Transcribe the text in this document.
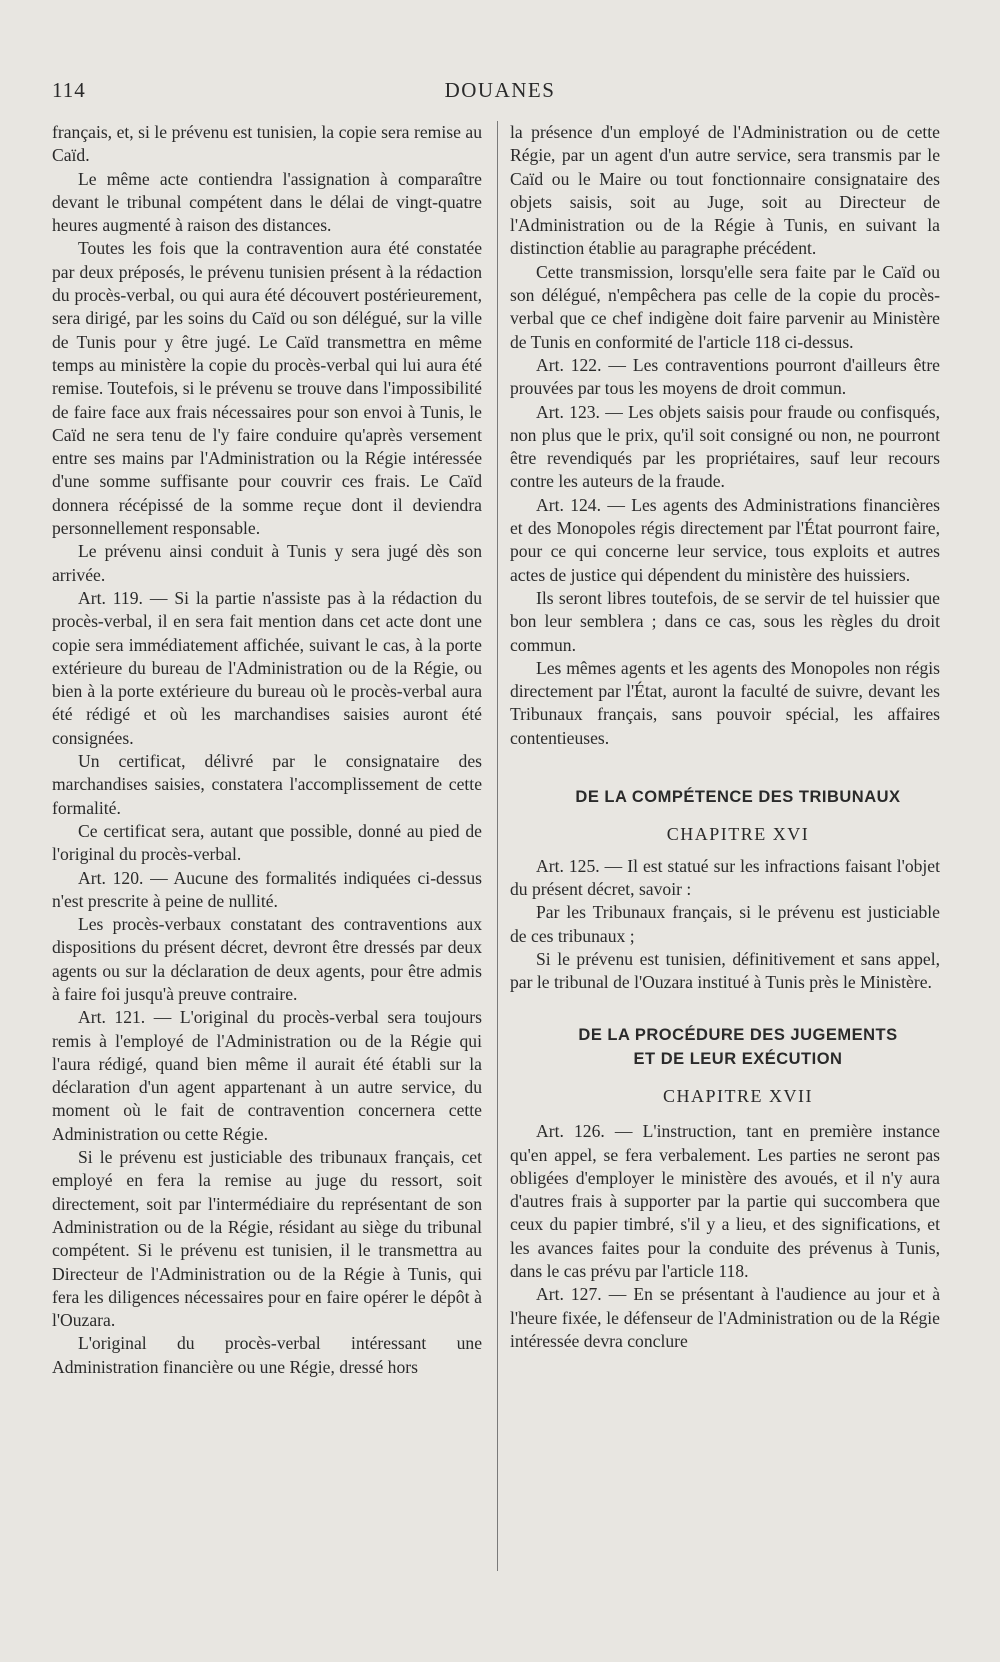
114	DOUANES

français, et, si le prévenu est tunisien, la copie sera remise au Caïd.

Le même acte contiendra l'assignation à comparaître devant le tribunal compétent dans le délai de vingt-quatre heures augmenté à raison des distances.

Toutes les fois que la contravention aura été constatée par deux préposés, le prévenu tunisien présent à la rédaction du procès-verbal, ou qui aura été découvert postérieurement, sera dirigé, par les soins du Caïd ou son délégué, sur la ville de Tunis pour y être jugé. Le Caïd transmettra en même temps au ministère la copie du procès-verbal qui lui aura été remise. Toutefois, si le prévenu se trouve dans l'impossibilité de faire face aux frais nécessaires pour son envoi à Tunis, le Caïd ne sera tenu de l'y faire conduire qu'après versement entre ses mains par l'Administration ou la Régie intéressée d'une somme suffisante pour couvrir ces frais. Le Caïd donnera récépissé de la somme reçue dont il deviendra personnellement responsable.

Le prévenu ainsi conduit à Tunis y sera jugé dès son arrivée.

Art. 119. — Si la partie n'assiste pas à la rédaction du procès-verbal, il en sera fait mention dans cet acte dont une copie sera immédiatement affichée, suivant le cas, à la porte extérieure du bureau de l'Administration ou de la Régie, ou bien à la porte extérieure du bureau où le procès-verbal aura été rédigé et où les marchandises saisies auront été consignées.

Un certificat, délivré par le consignataire des marchandises saisies, constatera l'accomplissement de cette formalité.

Ce certificat sera, autant que possible, donné au pied de l'original du procès-verbal.

Art. 120. — Aucune des formalités indiquées ci-dessus n'est prescrite à peine de nullité.

Les procès-verbaux constatant des contraventions aux dispositions du présent décret, devront être dressés par deux agents ou sur la déclaration de deux agents, pour être admis à faire foi jusqu'à preuve contraire.

Art. 121. — L'original du procès-verbal sera toujours remis à l'employé de l'Administration ou de la Régie qui l'aura rédigé, quand bien même il aurait été établi sur la déclaration d'un agent appartenant à un autre service, du moment où le fait de contravention concernera cette Administration ou cette Régie.

Si le prévenu est justiciable des tribunaux français, cet employé en fera la remise au juge du ressort, soit directement, soit par l'intermédiaire du représentant de son Administration ou de la Régie, résidant au siège du tribunal compétent. Si le prévenu est tunisien, il le transmettra au Directeur de l'Administration ou de la Régie à Tunis, qui fera les diligences nécessaires pour en faire opérer le dépôt à l'Ouzara.

L'original du procès-verbal intéressant une Administration financière ou une Régie, dressé hors

la présence d'un employé de l'Administration ou de cette Régie, par un agent d'un autre service, sera transmis par le Caïd ou le Maire ou tout fonctionnaire consignataire des objets saisis, soit au Juge, soit au Directeur de l'Administration ou de la Régie à Tunis, en suivant la distinction établie au paragraphe précédent.

Cette transmission, lorsqu'elle sera faite par le Caïd ou son délégué, n'empêchera pas celle de la copie du procès-verbal que ce chef indigène doit faire parvenir au Ministère de Tunis en conformité de l'article 118 ci-dessus.

Art. 122. — Les contraventions pourront d'ailleurs être prouvées par tous les moyens de droit commun.

Art. 123. — Les objets saisis pour fraude ou confisqués, non plus que le prix, qu'il soit consigné ou non, ne pourront être revendiqués par les propriétaires, sauf leur recours contre les auteurs de la fraude.

Art. 124. — Les agents des Administrations financières et des Monopoles régis directement par l'État pourront faire, pour ce qui concerne leur service, tous exploits et autres actes de justice qui dépendent du ministère des huissiers.

Ils seront libres toutefois, de se servir de tel huissier que bon leur semblera ; dans ce cas, sous les règles du droit commun.

Les mêmes agents et les agents des Monopoles non régis directement par l'État, auront la faculté de suivre, devant les Tribunaux français, sans pouvoir spécial, les affaires contentieuses.

DE LA COMPÉTENCE DES TRIBUNAUX

CHAPITRE XVI

Art. 125. — Il est statué sur les infractions faisant l'objet du présent décret, savoir :

Par les Tribunaux français, si le prévenu est justiciable de ces tribunaux ;

Si le prévenu est tunisien, définitivement et sans appel, par le tribunal de l'Ouzara institué à Tunis près le Ministère.

DE LA PROCÉDURE DES JUGEMENTS

ET DE LEUR EXÉCUTION

CHAPITRE XVII

Art. 126. — L'instruction, tant en première instance qu'en appel, se fera verbalement. Les parties ne seront pas obligées d'employer le ministère des avoués, et il n'y aura d'autres frais à supporter par la partie qui succombera que ceux du papier timbré, s'il y a lieu, et des significations, et les avances faites pour la conduite des prévenus à Tunis, dans le cas prévu par l'article 118.

Art. 127. — En se présentant à l'audience au jour et à l'heure fixée, le défenseur de l'Administration ou de la Régie intéressée devra conclure
